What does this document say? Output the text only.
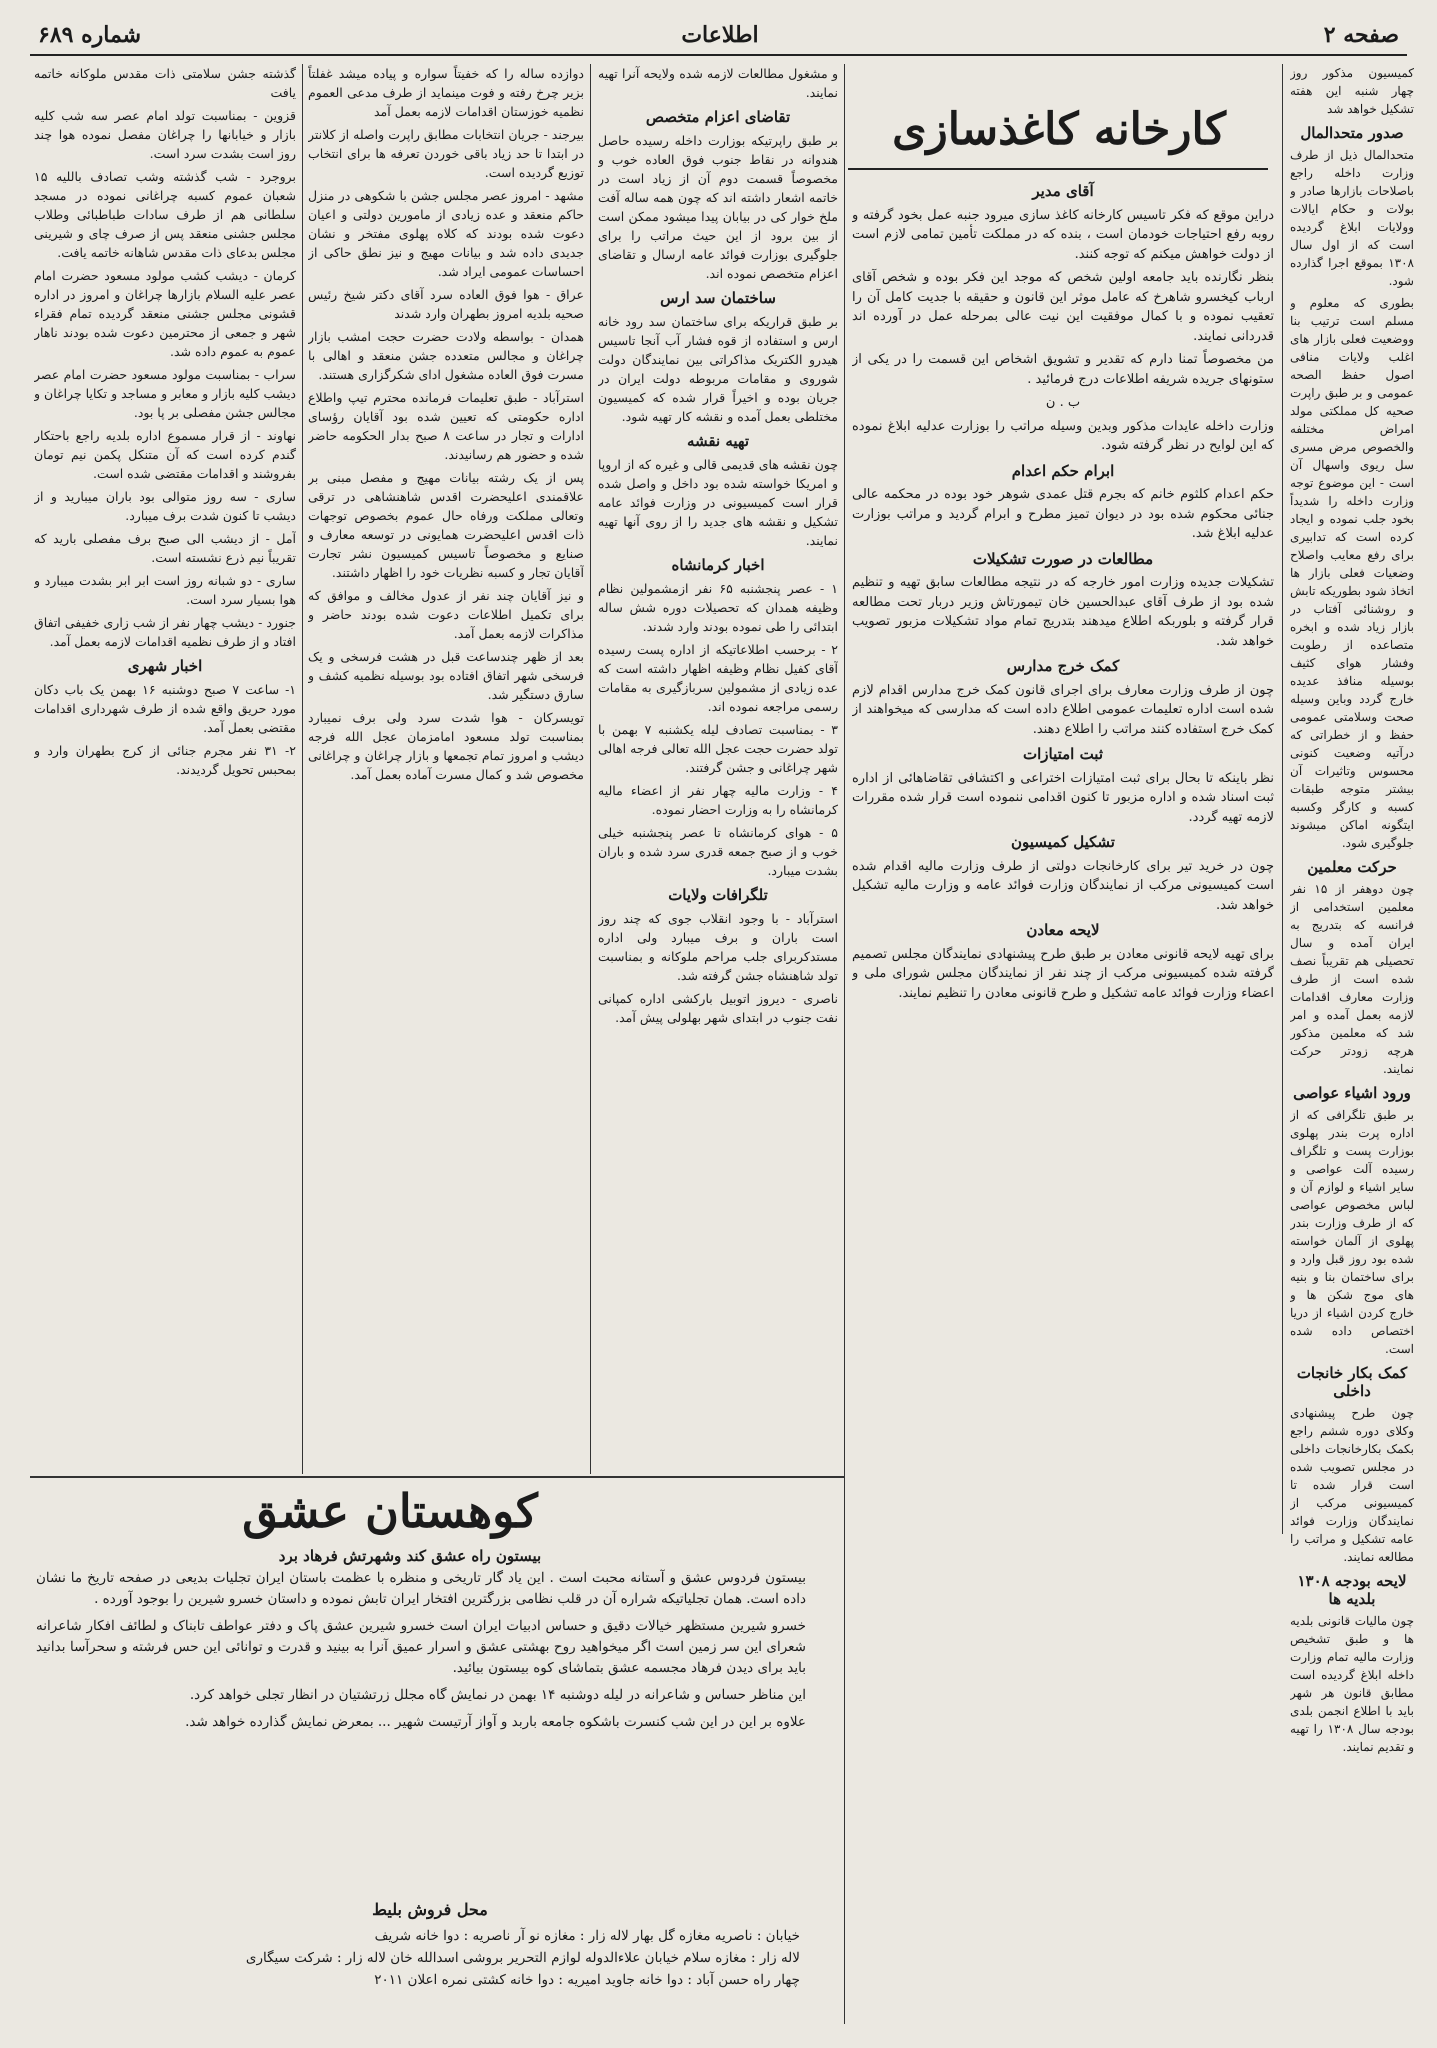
صفحه ۲
اطلاعات
شماره ۶۸۹

کمیسیون مذکور روز چهار شنبه این هفته تشکیل خواهد شد

صدور متحدالمال

متحدالمال ذیل از طرف وزارت داخله راجع باصلاحات بازارها صادر و بولات و حکام ایالات وولایات ابلاغ گردیده است که از اول سال ۱۳۰۸ بموقع اجرا گذارده شود.

بطوری که معلوم و مسلم است ترتیب بنا ووضعیت فعلی بازار های اغلب ولایات منافی اصول حفظ الصحه عمومی و بر طبق راپرت صحیه کل مملکتی مولد امراض مختلفه والخصوص مرض مسری سل ریوی واسهال آن است - این موضوع توجه وزارت داخله را شدیداً بخود جلب نموده و ایجاد کرده است که تدابیری برای رفع معایب واصلاح وضعیات فعلی بازار ها اتخاذ شود بطوریکه تابش و روشنائی آفتاب در بازار زیاد شده و ابخره متصاعده از رطوبت وفشار هوای کثیف بوسیله منافذ عدیده خارج گردد وباین وسیله صحت وسلامتی عمومی حفظ و از خطراتی که درآتیه وضعیت کنونی محسوس وتاثیرات آن بیشتر متوجه طبقات کسبه و کارگر وکسبه ایتگونه اماکن میشوند جلوگیری شود.

حرکت معلمین

چون دوهفر از ۱۵ نفر معلمین استخدامی از فرانسه که بتدریج به ایران آمده و سال تحصیلی هم تقریباً نصف شده است از طرف وزارت معارف اقدامات لازمه بعمل آمده و امر شد که معلمین مذکور هرچه زودتر حرکت نمایند.

ورود اشیاء عواصی

بر طبق تلگرافی که از اداره پرت بندر پهلوی بوزارت پست و تلگراف رسیده آلت عواصی و سایر اشیاء و لوازم آن و لباس مخصوص عواصی که از طرف وزارت بندر پهلوی از آلمان خواسته شده بود روز قبل وارد و برای ساختمان بنا و بنیه های موج شکن ها و خارج کردن اشیاء از دریا اختصاص داده شده است.

کمک بکار خانجات داخلی

چون طرح پیشنهادی وکلای دوره ششم راجع بکمک بکارخانجات داخلی در مجلس تصویب شده است قرار شده تا کمیسیونی مرکب از نمایندگان وزارت فوائد عامه تشکیل و مراتب را مطالعه نمایند.

لایحه بودجه ۱۳۰۸ بلدیه ها

چون مالیات قانونی بلدیه ها و طبق تشخیص وزارت مالیه تمام وزارت داخله ابلاغ گردیده است مطابق قانون هر شهر باید با اطلاع انجمن بلدی بودجه سال ۱۳۰۸ را تهیه و تقدیم نمایند.

کارخانه کاغذسازی
آقای مدیر

دراین موقع که فکر تاسیس کارخانه کاغذ سازی میرود جنبه عمل بخود گرفته و روبه رفع احتیاجات خودمان است ، بنده که در مملکت تأمین تمامی لازم است از دولت خواهش میکنم که توجه کنند.

بنظر نگارنده باید جامعه اولین شخص که موجد این فکر بوده و شخص آقای ارباب کیخسرو شاهرخ که عامل موثر این قانون و حقیقه با جدیت کامل آن را تعقیب نموده و با کمال موفقیت این نیت عالی بمرحله عمل در آورده اند قدردانی نمایند.

من مخصوصاً تمنا دارم که تقدیر و تشویق اشخاص این قسمت را در یکی از ستونهای جریده شریفه اطلاعات درج فرمائید .

ب . ن

وزارت داخله عایدات مذکور وبدین وسیله مراتب را بوزارت عدلیه ابلاغ نموده که این لوایح در نظر گرفته شود.

ابرام حکم اعدام

حکم اعدام کلثوم خانم که بجرم قتل عمدی شوهر خود بوده در محکمه عالی جنائی محکوم شده بود در دیوان تمیز مطرح و ابرام گردید و مراتب بوزارت عدلیه ابلاغ شد.

مطالعات در صورت تشکیلات

تشکیلات جدیده وزارت امور خارجه که در نتیجه مطالعات سابق تهیه و تنظیم شده بود از طرف آقای عبدالحسین خان تیمورتاش وزیر دربار تحت مطالعه قرار گرفته و بلوربکه اطلاع میدهند بتدریج تمام مواد تشکیلات مزبور تصویب خواهد شد.

کمک خرج مدارس

چون از طرف وزارت معارف برای اجرای قانون کمک خرج مدارس اقدام لازم شده است اداره تعلیمات عمومی اطلاع داده است که مدارسی که میخواهند از کمک خرج استفاده کنند مراتب را اطلاع دهند.

ثبت امتیازات

نظر باینکه تا بحال برای ثبت امتیازات اختراعی و اکتشافی تقاضاهائی از اداره ثبت اسناد شده و اداره مزبور تا کنون اقدامی ننموده است قرار شده مقررات لازمه تهیه گردد.

تشکیل کمیسیون

چون در خرید تیر برای کارخانجات دولتی از طرف وزارت مالیه اقدام شده است کمیسیونی مرکب از نمایندگان وزارت فوائد عامه و وزارت مالیه تشکیل خواهد شد.

لایحه معادن

برای تهیه لایحه قانونی معادن بر طبق طرح پیشنهادی نمایندگان مجلس تصمیم گرفته شده کمیسیونی مرکب از چند نفر از نمایندگان مجلس شورای ملی و اعضاء وزارت فوائد عامه تشکیل و طرح قانونی معادن را تنظیم نمایند.

و مشغول مطالعات لازمه شده ولایحه آنرا تهیه نمایند.

تقاضای اعزام متخصص

بر طبق راپرتیکه بوزارت داخله رسیده حاصل هندوانه در نقاط جنوب فوق العاده خوب و مخصوصاً قسمت دوم آن از زیاد است در خاتمه اشعار داشته اند که چون همه ساله آفت ملخ خوار کی در بیابان پیدا میشود ممکن است از بین برود از این حیث مراتب را برای جلوگیری بوزارت فوائد عامه ارسال و تقاضای اعزام متخصص نموده اند.

ساختمان سد ارس

بر طبق قراریکه برای ساختمان سد رود خانه ارس و استفاده از قوه فشار آب آنجا تاسیس هیدرو الکتریک مذاکراتی بین نمایندگان دولت شوروی و مقامات مربوطه دولت ایران در جریان بوده و اخیراً قرار شده که کمیسیون مختلطی بعمل آمده و نقشه کار تهیه شود.

تهیه نقشه

چون نقشه های قدیمی قالی و غیره که از اروپا و امریکا خواسته شده بود داخل و واصل شده قرار است کمیسیونی در وزارت فوائد عامه تشکیل و نقشه های جدید را از روی آنها تهیه نمایند.

اخبار کرمانشاه

۱ - عصر پنجشنبه ۶۵ نفر ازمشمولین نظام وظیفه همدان که تحصیلات دوره شش ساله ابتدائی را طی نموده بودند وارد شدند.

۲ - برحسب اطلاعاتیکه از اداره پست رسیده آقای کفیل نظام وظیفه اظهار داشته است که عده زیادی از مشمولین سربازگیری به مقامات رسمی مراجعه نموده اند.

۳ - بمناسبت تصادف لیله یکشنبه ۷ بهمن با تولد حضرت حجت عجل الله تعالی فرجه اهالی شهر چراغانی و جشن گرفتند.

۴ - وزارت مالیه چهار نفر از اعضاء مالیه کرمانشاه را به وزارت احضار نموده.

۵ - هوای کرمانشاه تا عصر پنجشنبه خیلی خوب و از صبح جمعه قدری سرد شده و باران بشدت میبارد.

تلگرافات ولایات

استرآباد - با وجود انقلاب جوی که چند روز است باران و برف میبارد ولی اداره مستدکربرای جلب مراحم ملوکانه و بمناسبت تولد شاهنشاه جشن گرفته شد.

ناصری - دیروز اتوبیل بارکشی اداره کمپانی نفت جنوب در ابتدای شهر بهلولی پیش آمد.

دوازده ساله را که خفیتاً سواره و پیاده میشد غفلتاً بزیر چرخ رفته و فوت مینماید از طرف مدعی العموم نظمیه خوزستان اقدامات لازمه بعمل آمد

بیرجند - جریان انتخابات مطابق راپرت واصله از کلانتر در ابتدا تا حد زیاد باقی خوردن تعرفه ها برای انتخاب توزیع گردیده است.

مشهد - امروز عصر مجلس جشن با شکوهی در منزل حاکم منعقد و عده زیادی از مامورین دولتی و اعیان دعوت شده بودند که کلاه پهلوی مفتخر و نشان جدیدی داده شد و بیانات مهیج و نیز نطق حاکی از احساسات عمومی ایراد شد.

عراق - هوا فوق العاده سرد آقای دکتر شیخ رئیس صحیه بلدیه امروز بطهران وارد شدند

همدان - بواسطه ولادت حضرت حجت امشب بازار چراغان و مجالس متعدده جشن منعقد و اهالی با مسرت فوق العاده مشغول ادای شکرگزاری هستند.

استرآباد - طبق تعلیمات فرمانده محترم تیپ واطلاع اداره حکومتی که تعیین شده بود آقایان رؤسای ادارات و تجار در ساعت ۸ صبح بدار الحکومه حاضر شده و حضور هم رسانیدند.

پس از یک رشته بیانات مهیج و مفصل مبنی بر علاقمندی اعلیحضرت اقدس شاهنشاهی در ترقی وتعالی مملکت ورفاه حال عموم بخصوص توجهات ذات اقدس اعلیحضرت همایونی در توسعه معارف و صنایع و مخصوصاً تاسیس کمیسیون نشر تجارت آقایان تجار و کسبه نظریات خود را اظهار داشتند.

و نیز آقایان چند نفر از عدول مخالف و موافق که برای تکمیل اطلاعات دعوت شده بودند حاضر و مذاکرات لازمه بعمل آمد.

بعد از ظهر چندساعت قبل در هشت فرسخی و یک فرسخی شهر اتفاق افتاده بود بوسیله نظمیه کشف و سارق دستگیر شد.

تویسرکان - هوا شدت سرد ولی برف نمیبارد بمناسبت تولد مسعود امامزمان عجل الله فرجه دیشب و امروز تمام تجمعها و بازار چراغان و چراغانی مخصوص شد و کمال مسرت آماده بعمل آمد.

گذشته جشن سلامتی ذات مقدس ملوکانه خاتمه یافت

قزوین - بمناسبت تولد امام عصر سه شب کلیه بازار و خیابانها را چراغان مفصل نموده هوا چند روز است بشدت سرد است.

بروجرد - شب گذشته وشب تصادف باللیه ۱۵ شعبان عموم کسبه چراغانی نموده در مسجد سلطانی هم از طرف سادات طباطبائی وطلاب مجلس جشنی منعقد پس از صرف چای و شیرینی مجلس بدعای ذات مقدس شاهانه خاتمه یافت.

کرمان - دیشب کشب مولود مسعود حضرت امام عصر علیه السلام بازارها چراغان و امروز در اداره قشونی مجلس جشنی منعقد گردیده تمام فقراء شهر و جمعی از محترمین دعوت شده بودند ناهار عموم به عموم داده شد.

سراب - بمناسبت مولود مسعود حضرت امام عصر دیشب کلیه بازار و معابر و مساجد و تکایا چراغان و مجالس جشن مفصلی بر پا بود.

نهاوند - از قرار مسموع اداره بلدیه راجع باحتکار گندم کرده است که آن متنکل پکمن نیم تومان بفروشند و اقدامات مقتضی شده است.

ساری - سه روز متوالی بود باران میبارید و از دیشب تا کنون شدت برف میبارد.

آمل - از دیشب الی صبح برف مفصلی بارید که تقریباً نیم ذرع نشسته است.

ساری - دو شبانه روز است ابر ابر بشدت میبارد و هوا بسیار سرد است.

جنورد - دیشب چهار نفر از شب زاری خفیفی اتفاق افتاد و از طرف نظمیه اقدامات لازمه بعمل آمد.

اخبار شهری

۱- ساعت ۷ صبح دوشنبه ۱۶ بهمن یک باب دکان مورد حریق واقع شده از طرف شهرداری اقدامات مقتضی بعمل آمد.

۲- ۳۱ نفر مجرم جنائی از کرج بطهران وارد و بمحبس تحویل گردیدند.

کوهستان عشق
بیستون راه عشق کند وشهرتش فرهاد برد

بیستون فردوس عشق و آستانه محبت است . این یاد گار تاریخی و منظره با عظمت باستان ایران تجلیات بدیعی در صفحه تاریخ ما نشان داده است. همان تجلیاتیکه شراره آن در قلب نظامی بزرگترین افتخار ایران تابش نموده و داستان خسرو شیرین را بوجود آورده .

خسرو شیرین مستظهر خیالات دقیق و حساس ادبیات ایران است خسرو شیرین عشق پاک و دفتر عواطف تابناک و لطائف افکار شاعرانه شعرای این سر زمین است اگر میخواهید روح بهشتی عشق و اسرار عمیق آنرا به بینید و قدرت و توانائی این حس فرشته و سحرآسا بدانید باید برای دیدن فرهاد مجسمه عشق بتماشای کوه بیستون بیائید.

این مناظر حساس و شاعرانه در لیله دوشنبه ۱۴ بهمن در نمایش گاه مجلل زرتشتیان در انظار تجلی خواهد کرد.

علاوه بر این در این شب کنسرت باشکوه جامعه باربد و آواز آرتیست شهیر ... بمعرض نمایش گذارده خواهد شد.

محل فروش بلیط
خیابان : ناصریه مغازه گل بهار لاله زار : مغازه نو آر ناصریه : دوا خانه شریف
لاله زار : مغازه سلام خیابان علاءالدوله لوازم التحریر بروشی اسدالله خان لاله زار : شرکت سیگاری
چهار راه حسن آباد : دوا خانه جاوید امیریه : دوا خانه کشتی نمره اعلان ۲۰۱۱
